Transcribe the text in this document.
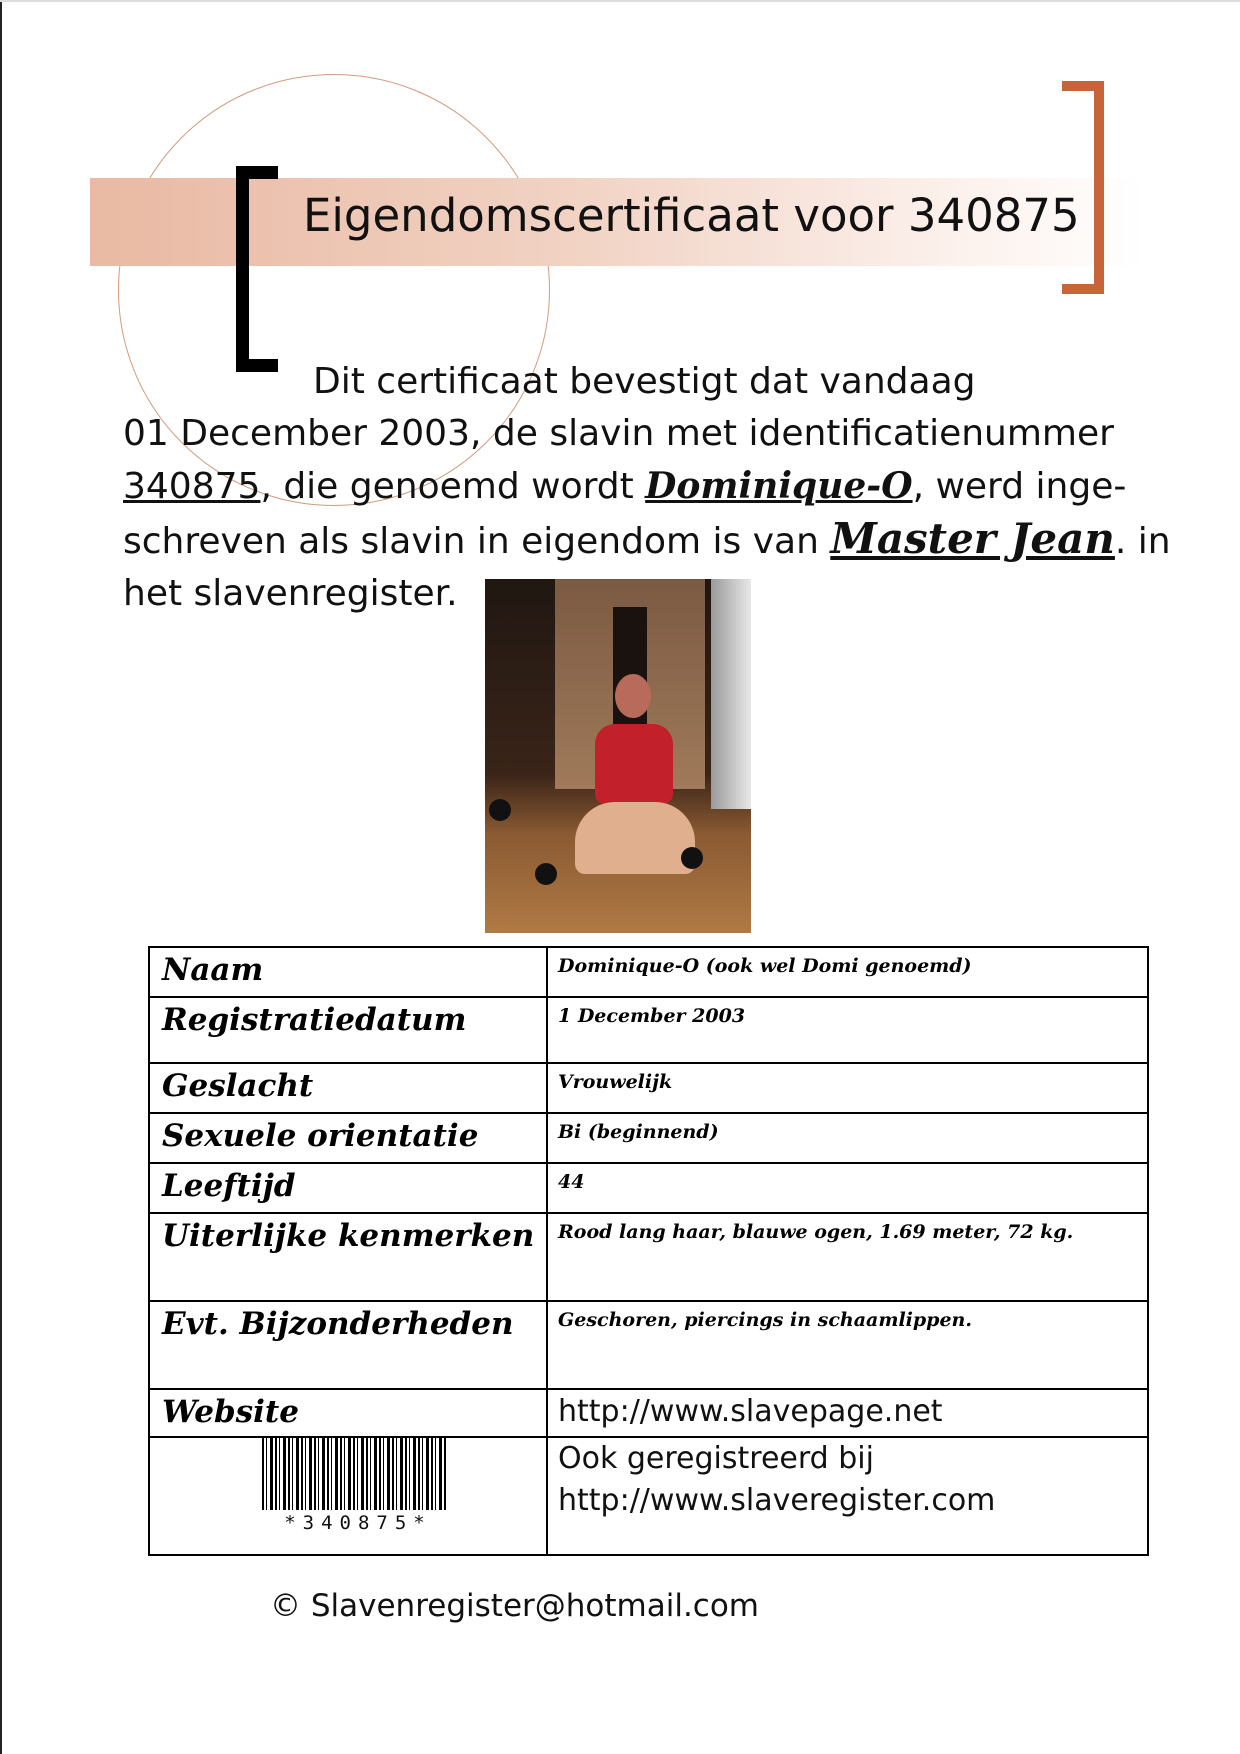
Eigendomscertificaat voor 340875
Dit certificaat bevestigt dat vandaag
01 December 2003, de slavin met identificatienummer
340875, die genoemd wordt Dominique-O, werd inge-
schreven als slavin in eigendom is van Master Jean. in
het slavenregister.
Naam	Dominique-O (ook wel Domi genoemd)
Registratiedatum	1 December 2003
Geslacht	Vrouwelijk
Sexuele orientatie	Bi (beginnend)
Leeftijd	44
Uiterlijke kenmerken	Rood lang haar, blauwe ogen, 1.69 meter, 72 kg.
Evt. Bijzonderheden	Geschoren, piercings in schaamlippen.
Website	http://www.slavepage.net

*340875*	Ook geregistreerd bij
http://www.slaveregister.com
© Slavenregister@hotmail.com
